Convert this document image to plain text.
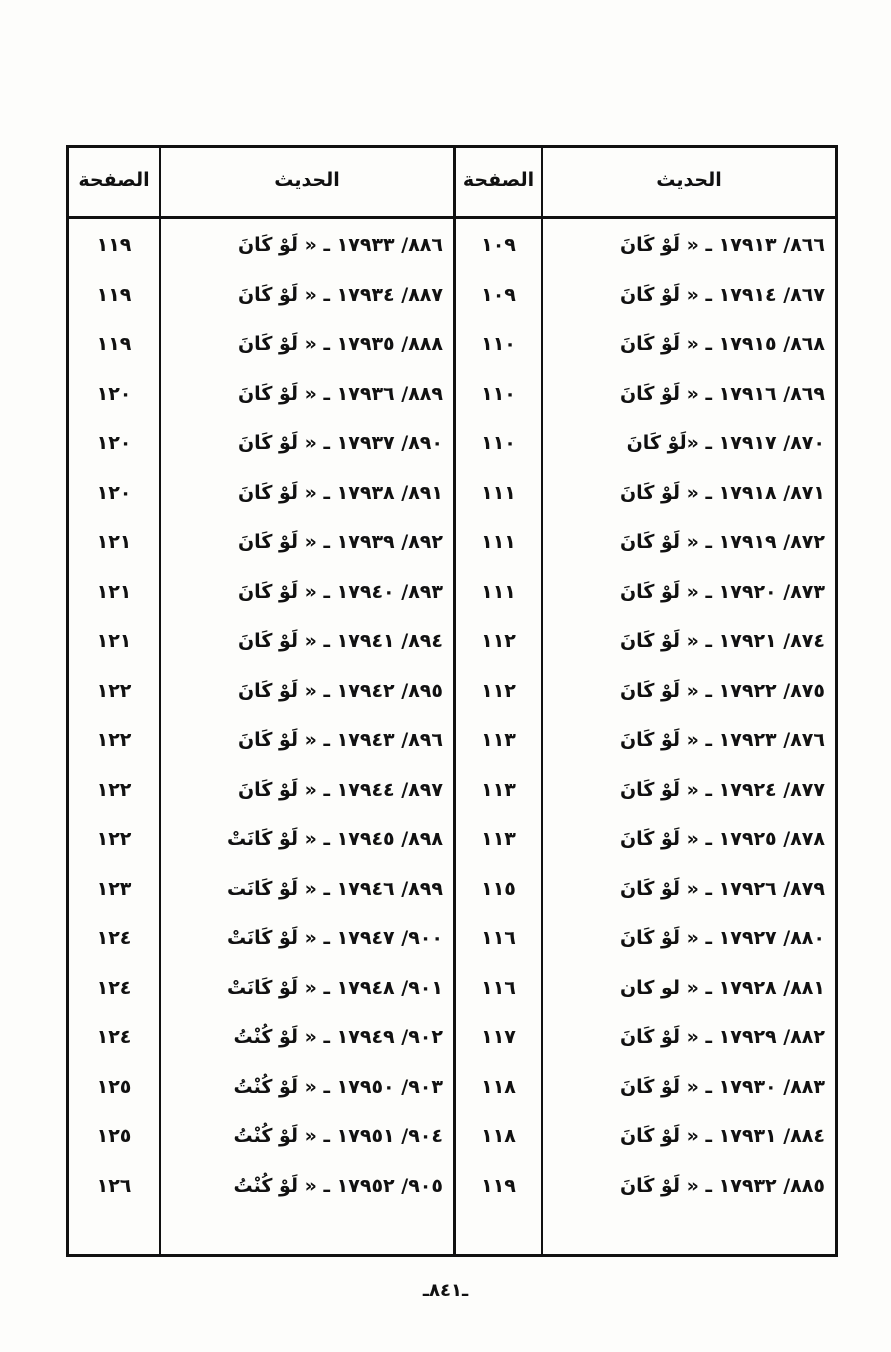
الحديث
الصفحة
الحديث
الصفحة
٨٦٦/ ١٧٩١٣ ـ « لَوْ كَانَ
١٠٩
٨٨٦/ ١٧٩٣٣ ـ « لَوْ كَانَ
١١٩
٨٦٧/ ١٧٩١٤ ـ « لَوْ كَانَ
١٠٩
٨٨٧/ ١٧٩٣٤ ـ « لَوْ كَانَ
١١٩
٨٦٨/ ١٧٩١٥ ـ « لَوْ كَانَ
١١٠
٨٨٨/ ١٧٩٣٥ ـ « لَوْ كَانَ
١١٩
٨٦٩/ ١٧٩١٦ ـ « لَوْ كَانَ
١١٠
٨٨٩/ ١٧٩٣٦ ـ « لَوْ كَانَ
١٢٠
٨٧٠/ ١٧٩١٧ ـ «لَوْ كَانَ
١١٠
٨٩٠/ ١٧٩٣٧ ـ « لَوْ كَانَ
١٢٠
٨٧١/ ١٧٩١٨ ـ « لَوْ كَانَ
١١١
٨٩١/ ١٧٩٣٨ ـ « لَوْ كَانَ
١٢٠
٨٧٢/ ١٧٩١٩ ـ « لَوْ كَانَ
١١١
٨٩٢/ ١٧٩٣٩ ـ « لَوْ كَانَ
١٢١
٨٧٣/ ١٧٩٢٠ ـ « لَوْ كَانَ
١١١
٨٩٣/ ١٧٩٤٠ ـ « لَوْ كَانَ
١٢١
٨٧٤/ ١٧٩٢١ ـ « لَوْ كَانَ
١١٢
٨٩٤/ ١٧٩٤١ ـ « لَوْ كَانَ
١٢١
٨٧٥/ ١٧٩٢٢ ـ « لَوْ كَانَ
١١٢
٨٩٥/ ١٧٩٤٢ ـ « لَوْ كَانَ
١٢٢
٨٧٦/ ١٧٩٢٣ ـ « لَوْ كَانَ
١١٣
٨٩٦/ ١٧٩٤٣ ـ « لَوْ كَانَ
١٢٢
٨٧٧/ ١٧٩٢٤ ـ « لَوْ كَانَ
١١٣
٨٩٧/ ١٧٩٤٤ ـ « لَوْ كَانَ
١٢٢
٨٧٨/ ١٧٩٢٥ ـ « لَوْ كَانَ
١١٣
٨٩٨/ ١٧٩٤٥ ـ « لَوْ كَانَتْ
١٢٢
٨٧٩/ ١٧٩٢٦ ـ « لَوْ كَانَ
١١٥
٨٩٩/ ١٧٩٤٦ ـ « لَوْ كَانَت
١٢٣
٨٨٠/ ١٧٩٢٧ ـ « لَوْ كَانَ
١١٦
٩٠٠/ ١٧٩٤٧ ـ « لَوْ كَانَتْ
١٢٤
٨٨١/ ١٧٩٢٨ ـ « لو كان
١١٦
٩٠١/ ١٧٩٤٨ ـ « لَوْ كَانَتْ
١٢٤
٨٨٢/ ١٧٩٢٩ ـ « لَوْ كَانَ
١١٧
٩٠٢/ ١٧٩٤٩ ـ « لَوْ كُنْتُ
١٢٤
٨٨٣/ ١٧٩٣٠ ـ « لَوْ كَانَ
١١٨
٩٠٣/ ١٧٩٥٠ ـ « لَوْ كُنْتُ
١٢٥
٨٨٤/ ١٧٩٣١ ـ « لَوْ كَانَ
١١٨
٩٠٤/ ١٧٩٥١ ـ « لَوْ كُنْتُ
١٢٥
٨٨٥/ ١٧٩٣٢ ـ « لَوْ كَانَ
١١٩
٩٠٥/ ١٧٩٥٢ ـ « لَوْ كُنْتُ
١٢٦
ـ٨٤١ـ
